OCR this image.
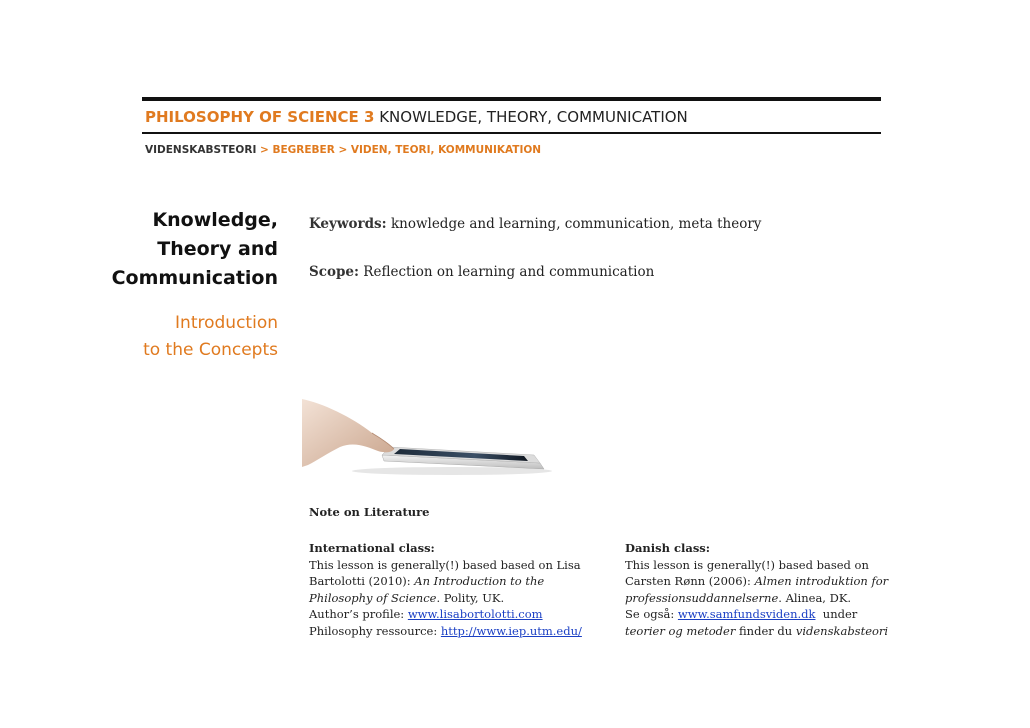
PHILOSOPHY OF SCIENCE 3 KNOWLEDGE, THEORY, COMMUNICATION
VIDENSKABSTEORI > BEGREBER > VIDEN, TEORI, KOMMUNIKATION
Knowledge,
Theory and
Communication
Introduction
to the Concepts
Keywords: knowledge and learning, communication, meta theory
Scope: Reflection on learning and communication
Note on Literature
International class:
This lesson is generally(!) based based on Lisa
Bartolotti (2010): An Introduction to the
Philosophy of Science. Polity, UK.
Author’s profile: www.lisabortolotti.com
Philosophy ressource: http://www.iep.utm.edu/
Danish class:
This lesson is generally(!) based based on
Carsten Rønn (2006): Almen introduktion for
professionsuddannelserne. Alinea, DK.
Se også: www.samfundsviden.dk  under
teorier og metoder finder du videnskabsteori
